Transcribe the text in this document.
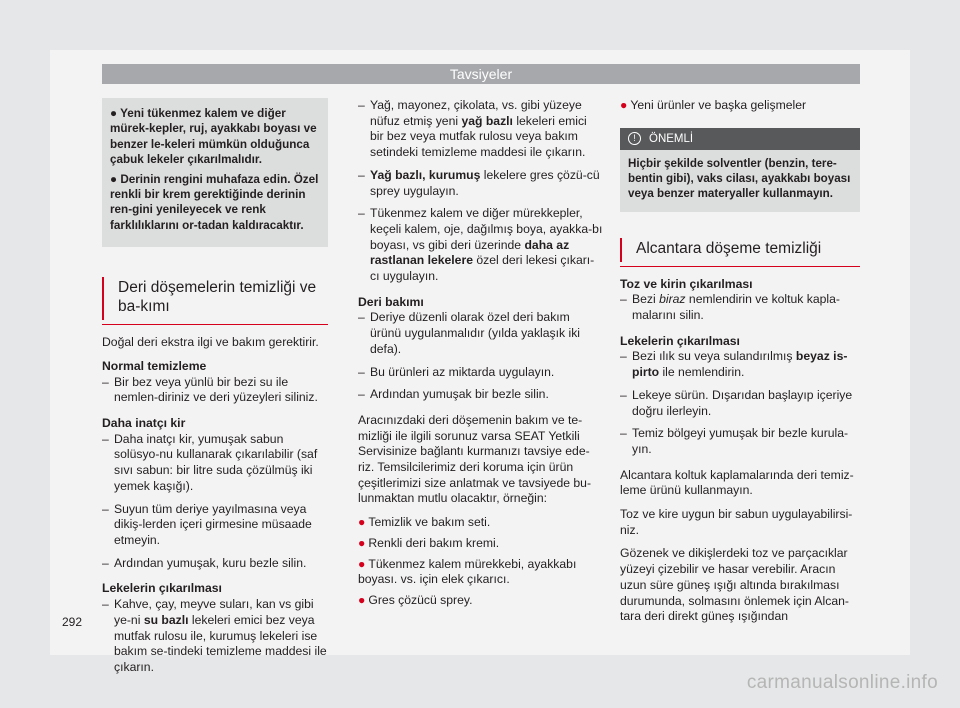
Tavsiyeler
● Yeni tükenmez kalem ve diğer mürek-kepler, ruj, ayakkabı boyası ve benzer le-keleri mümkün olduğunca çabuk lekeler çıkarılmalıdır.
● Derinin rengini muhafaza edin. Özel renkli bir krem gerektiğinde derinin ren-gini yenileyecek ve renk farklılıklarını or-tadan kaldıracaktır.
Deri döşemelerin temizliği ve ba-kımı

Doğal deri ekstra ilgi ve bakım gerektirir.

Normal temizleme

– Bir bez veya yünlü bir bezi su ile nemlen-diriniz ve deri yüzeyleri siliniz.

Daha inatçı kir

– Daha inatçı kir, yumuşak sabun solüsyo-nu kullanarak çıkarılabilir (saf sıvı sabun: bir litre suda çözülmüş iki yemek kaşığı).
– Suyun tüm deriye yayılmasına veya dikiş-lerden içeri girmesine müsaade etmeyin.
– Ardından yumuşak, kuru bezle silin.

Lekelerin çıkarılması

– Kahve, çay, meyve suları, kan vs gibi ye-ni su bazlı lekeleri emici bez veya mutfak rulosu ile, kurumuş lekeleri ise bakım se-tindeki temizleme maddesi ile çıkarın.
– Yağ, mayonez, çikolata, vs. gibi yüzeye nüfuz etmiş yeni yağ bazlı lekeleri emici bir bez veya mutfak rulosu veya bakım setindeki temizleme maddesi ile çıkarın.
– Yağ bazlı, kurumuş lekelere gres çözü-cü sprey uygulayın.
– Tükenmez kalem ve diğer mürekkepler, keçeli kalem, oje, dağılmış boya, ayakka-bı boyası, vs gibi deri üzerinde daha az rastlanan lekelere özel deri lekesi çıkarı-cı uygulayın.

Deri bakımı

– Deriye düzenli olarak özel deri bakım ürünü uygulanmalıdır (yılda yaklaşık iki defa).
– Bu ürünleri az miktarda uygulayın.
– Ardından yumuşak bir bezle silin.

Aracınızdaki deri döşemenin bakım ve te-mizliği ile ilgili sorunuz varsa SEAT Yetkili Servisinize bağlantı kurmanızı tavsiye ede-riz. Temsilcilerimiz deri koruma için ürün çeşitlerimizi size anlatmak ve tavsiyede bu-lunmaktan mutlu olacaktır, örneğin:

● Temizlik ve bakım seti.
● Renkli deri bakım kremi.
● Tükenmez kalem mürekkebi, ayakkabı boyası. vs. için elek çıkarıcı.
● Gres çözücü sprey.
● Yeni ürünler ve başka gelişmeler
! ÖNEMLİ
Hiçbir şekilde solventler (benzin, tere-bentin gibi), vaks cilası, ayakkabı boyası veya benzer materyaller kullanmayın.
Alcantara döşeme temizliği

Toz ve kirin çıkarılması

– Bezi biraz nemlendirin ve koltuk kapla-malarını silin.

Lekelerin çıkarılması

– Bezi ılık su veya sulandırılmış beyaz is-pirto ile nemlendirin.
– Lekeye sürün. Dışarıdan başlayıp içeriye doğru ilerleyin.
– Temiz bölgeyi yumuşak bir bezle kurula-yın.

Alcantara koltuk kaplamalarında deri temiz-leme ürünü kullanmayın.

Toz ve kire uygun bir sabun uygulayabilirsi-niz.

Gözenek ve dikişlerdeki toz ve parçacıklar yüzeyi çizebilir ve hasar verebilir. Aracın uzun süre güneş ışığı altında bırakılması durumunda, solmasını önlemek için Alcan-tara deri direkt güneş ışığından

292
carmanualsonline.info
